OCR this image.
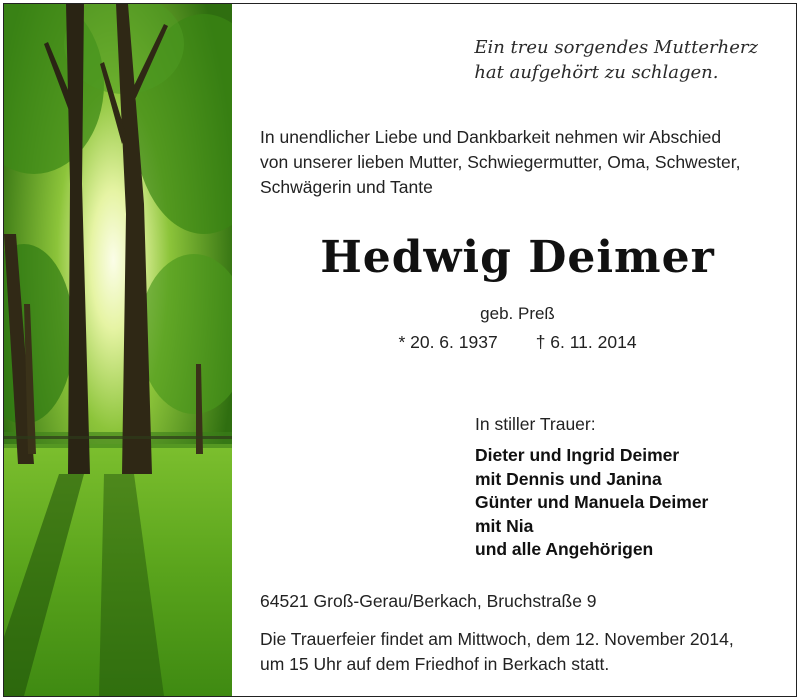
Ein treu sorgendes Mutterherz
hat aufgehört zu schlagen.
In unendlicher Liebe und Dankbarkeit nehmen wir Abschied
von unserer lieben Mutter, Schwiegermutter, Oma, Schwester,
Schwägerin und Tante
Hedwig Deimer
geb. Preß
* 20. 6. 1937 † 6. 11. 2014
In stiller Trauer:
Dieter und Ingrid Deimer
mit Dennis und Janina
Günter und Manuela Deimer
mit Nia
und alle Angehörigen
64521 Groß-Gerau/Berkach, Bruchstraße 9
Die Trauerfeier findet am Mittwoch, dem 12. November 2014,
um 15 Uhr auf dem Friedhof in Berkach statt.
